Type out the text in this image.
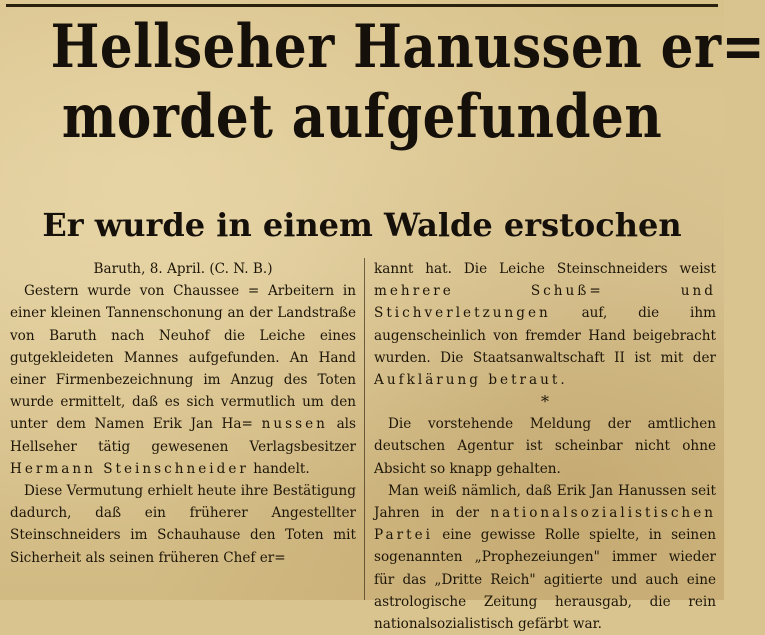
Hellseher Hanussen er=
mordet aufgefunden
Er wurde in einem Walde erstochen

Baruth, 8. April. (C. N. B.)

Gestern wurde von Chaussee = Arbeitern in einer kleinen Tannenschonung an der Landstraße von Baruth nach Neuhof die Leiche eines gutgekleideten Mannes aufgefunden. An Hand einer Firmenbezeichnung im Anzug des Toten wurde ermittelt, daß es sich vermutlich um den unter dem Namen Erik Jan Ha= nussen als Hellseher tätig gewesenen Verlagsbesitzer Hermann Steinschneider handelt.

Diese Vermutung erhielt heute ihre Bestätigung dadurch, daß ein früherer Angestellter Steinschneiders im Schauhause den Toten mit Sicherheit als seinen früheren Chef er=

kannt hat. Die Leiche Steinschneiders weist mehrere Schuß= und Stichverletzungen auf, die ihm augenscheinlich von fremder Hand beigebracht wurden. Die Staatsanwaltschaft II ist mit der Aufklärung betraut.

*

Die vorstehende Meldung der amtlichen deutschen Agentur ist scheinbar nicht ohne Absicht so knapp gehalten.

Man weiß nämlich, daß Erik Jan Hanussen seit Jahren in der nationalsozialistischen Partei eine gewisse Rolle spielte, in seinen sogenannten „Prophezeiungen" immer wieder für das „Dritte Reich" agitierte und auch eine astrologische Zeitung herausgab, die rein nationalsozialistisch gefärbt war.
